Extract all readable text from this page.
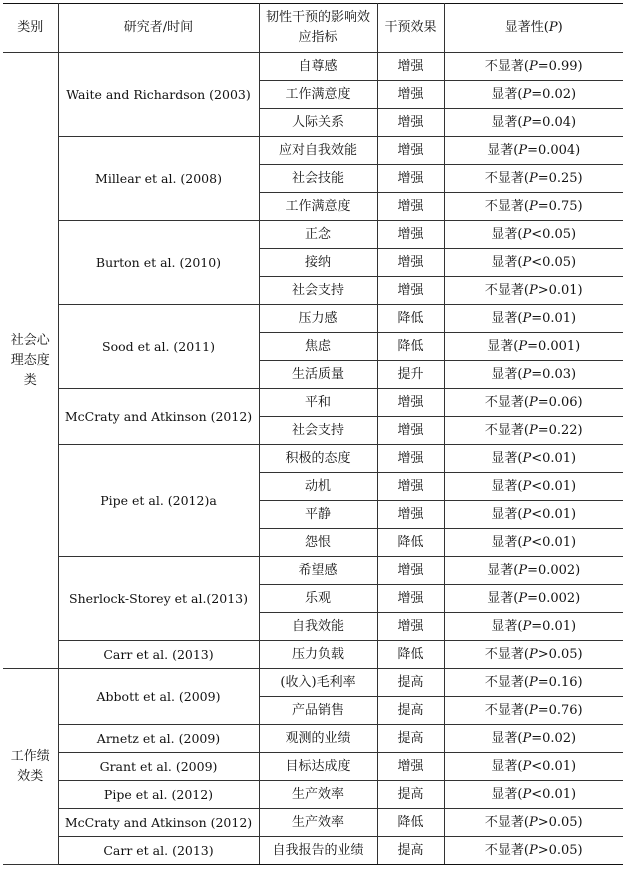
类别	研究者/时间	韧性干预的影响效应指标	干预效果	显著性(P)
社会心理态度类	Waite and Richardson (2003)	自尊感	增强	不显著(P=0.99)
		工作满意度	增强	显著(P=0.02)
		人际关系	增强	显著(P=0.04)
	Millear et al. (2008)	应对自我效能	增强	显著(P=0.004)
		社会技能	增强	不显著(P=0.25)
		工作满意度	增强	不显著(P=0.75)
	Burton et al. (2010)	正念	增强	显著(P<0.05)
		接纳	增强	显著(P<0.05)
		社会支持	增强	不显著(P>0.01)
	Sood et al. (2011)	压力感	降低	显著(P=0.01)
		焦虑	降低	显著(P=0.001)
		生活质量	提升	显著(P=0.03)
	McCraty and Atkinson (2012)	平和	增强	不显著(P=0.06)
		社会支持	增强	不显著(P=0.22)
	Pipe et al. (2012)a	积极的态度	增强	显著(P<0.01)
		动机	增强	显著(P<0.01)
		平静	增强	显著(P<0.01)
		怨恨	降低	显著(P<0.01)
	Sherlock-Storey et al.(2013)	希望感	增强	显著(P=0.002)
		乐观	增强	显著(P=0.002)
		自我效能	增强	显著(P=0.01)
	Carr et al. (2013)	压力负载	降低	不显著(P>0.05)
工作绩效类	Abbott et al. (2009)	(收入)毛利率	提高	不显著(P=0.16)
		产品销售	提高	不显著(P=0.76)
	Arnetz et al. (2009)	观测的业绩	提高	显著(P=0.02)
	Grant et al. (2009)	目标达成度	增强	显著(P<0.01)
	Pipe et al. (2012)	生产效率	提高	显著(P<0.01)
	McCraty and Atkinson (2012)	生产效率	降低	不显著(P>0.05)
	Carr et al. (2013)	自我报告的业绩	提高	不显著(P>0.05)
